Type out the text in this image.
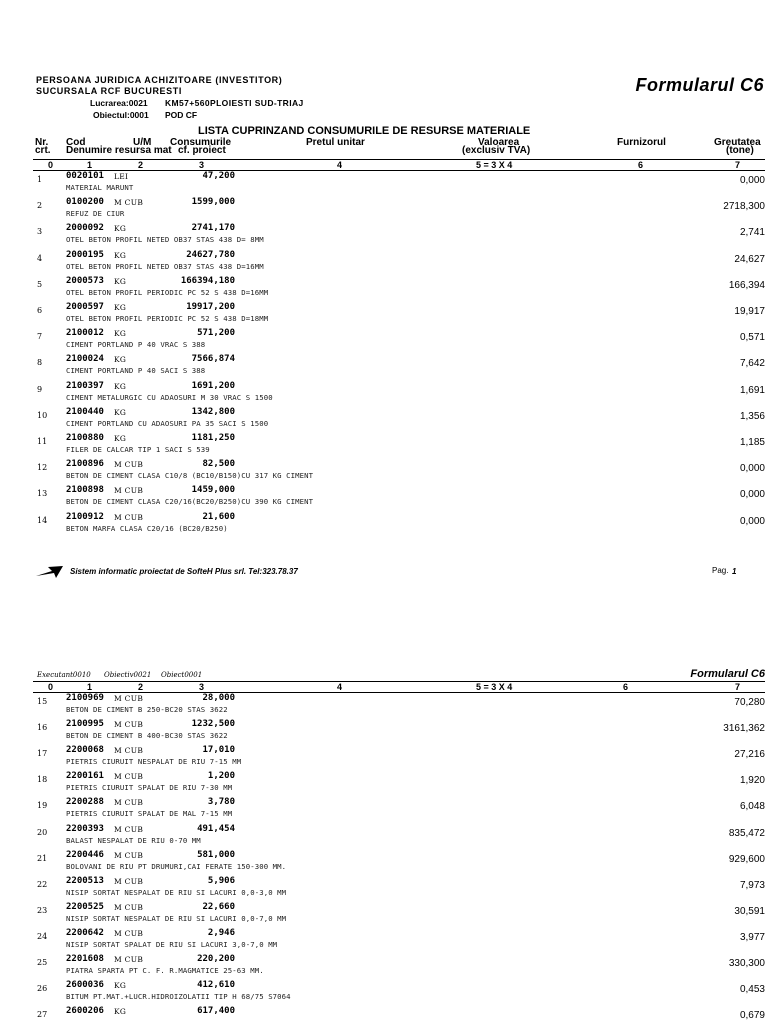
PERSOANA JURIDICA ACHIZITOARE (INVESTITOR)
SUCURSALA RCF BUCURESTI
Lucrarea:0021 KM57+560PLOIESTI SUD-TRIAJ
Obiectul:0001 POD CF
Formularul C6
LISTA CUPRINZAND CONSUMURILE DE RESURSE MATERIALE
Nr.
crt.
Cod
Denumire resursa mat
U/M Consumurile
cf. proiect
Pretul unitar	Valoarea
(exclusiv TVA)
Furnizorul	Greutatea
(tone)
0	1	2	3	4	5 = 3 X 4	6	7
1	0020101 LEI	47,200	0,000
MATERIAL MARUNT
2	0100200 M CUB	1599,000	2718,300
REFUZ DE CIUR
3	2000092 KG	2741,170	2,741
OTEL BETON PROFIL NETED OB37 STAS 438 D= 8MM
4	2000195 KG	24627,780	24,627
OTEL BETON PROFIL NETED OB37 STAS 438 D=16MM
5	2000573 KG	166394,180	166,394
OTEL BETON PROFIL PERIODIC PC 52 S 438 D=16MM
6	2000597 KG	19917,200	19,917
OTEL BETON PROFIL PERIODIC PC 52 S 438 D=18MM
7	2100012 KG	571,200	0,571
CIMENT PORTLAND P 40 VRAC S 388
8	2100024 KG	7566,874	7,642
CIMENT PORTLAND P 40 SACI S 388
9	2100397 KG	1691,200	1,691
CIMENT METALURGIC CU ADAOSURI M 30 VRAC S 1500
10 2100440 KG	1342,800	1,356
CIMENT PORTLAND CU ADAOSURI PA 35 SACI S 1500
11 2100880 KG	1181,250	1,185
FILER DE CALCAR TIP 1 SACI S 539
12 2100896 M CUB	82,500	0,000
BETON DE CIMENT CLASA C10/8 (BC10/B150)CU 317 KG CIMENT
13 2100898 M CUB	1459,000	0,000
BETON DE CIMENT CLASA C20/16(BC20/B250)CU 390 KG CIMENT
14 2100912 M CUB	21,600	0,000
BETON MARFA CLASA C20/16 (BC20/B250)
Sistem informatic proiectat de SofteH Plus srl. Tel:323.78.37	Pag. 1
Executant0010 Obiectiv0021 Obiect0001	Formularul C6
0	1	2	3	4	5 = 3 X 4	6	7
15 2100969 M CUB	28,000	70,280
BETON DE CIMENT B 250-BC20 STAS 3622
16 2100995 M CUB	1232,500	3161,362
BETON DE CIMENT B 400-BC30 STAS 3622
17 2200068 M CUB	17,010	27,216
PIETRIS CIURUIT NESPALAT DE RIU 7-15 MM
18 2200161 M CUB	1,200	1,920
PIETRIS CIURUIT SPALAT DE RIU 7-30 MM
19 2200288 M CUB	3,780	6,048
PIETRIS CIURUIT SPALAT DE MAL 7-15 MM
20 2200393 M CUB	491,454	835,472
BALAST NESPALAT DE RIU 0-70 MM
21 2200446 M CUB	581,000	929,600
BOLOVANI DE RIU PT DRUMURI,CAI FERATE 150-300 MM.
22 2200513 M CUB	5,906	7,973
NISIP SORTAT NESPALAT DE RIU SI LACURI 0,0-3,0 MM
23 2200525 M CUB	22,660	30,591
NISIP SORTAT NESPALAT DE RIU SI LACURI 0,0-7,0 MM
24 2200642 M CUB	2,946	3,977
NISIP SORTAT SPALAT DE RIU SI LACURI 3,0-7,0 MM
25 2201608 M CUB	220,200	330,300
PIATRA SPARTA PT C. F. R.MAGMATICE 25-63 MM.
26 2600036 KG	412,610	0,453
BITUM PT.MAT.+LUCR.HIDROIZOLATII TIP H 68/75 S7064
27 2600206 KG	617,400	0,679
